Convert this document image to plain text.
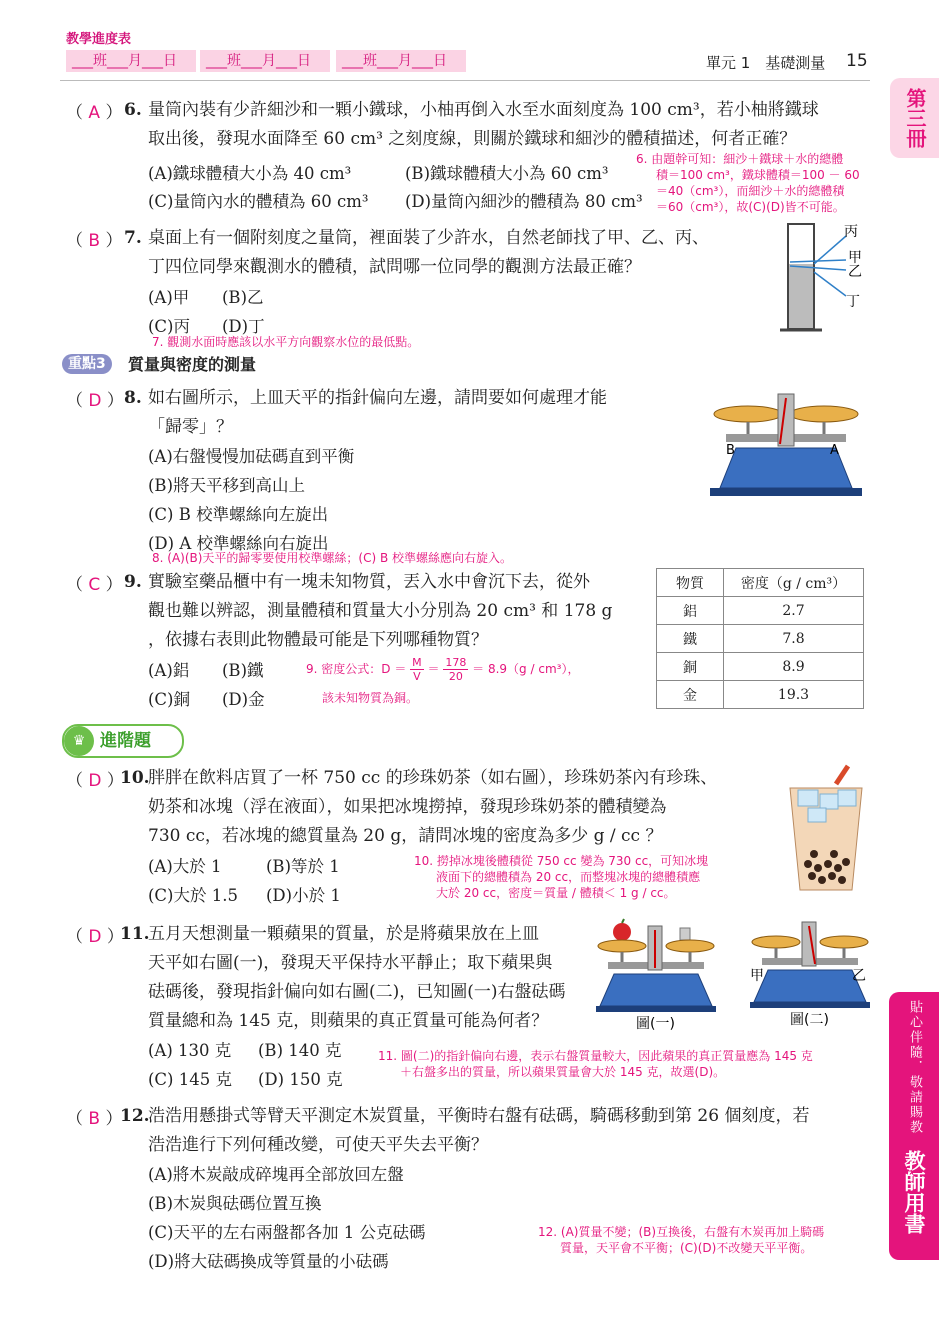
教學進度表
___班___月___日	___班___月___日	___班___月___日	單元 1　基礎測量 15
第三冊
貼心伴隨．敬請賜教
教師用書
（ A ） 6. 量筒內裝有少許細沙和一顆小鐵球，小柚再倒入水至水面刻度為 100 cm³，若小柚將鐵球
取出後，發現水面降至 60 cm³ 之刻度線，則關於鐵球和細沙的體積描述，何者正確？
(A)鐵球體積大小為 40 cm³	(B)鐵球體積大小為 60 cm³
(C)量筒內水的體積為 60 cm³ (D)量筒內細沙的體積為 80 cm³
6. 由題幹可知：細沙＋鐵球＋水的總體
積＝100 cm³，鐵球體積＝100 － 60
＝40（cm³），而細沙＋水的總體積
＝60（cm³），故(C)(D)皆不可能。
（ B ） 7. 桌面上有一個附刻度之量筒，裡面裝了少許水，自然老師找了甲、乙、丙、
丁四位同學來觀測水的體積，試問哪一位同學的觀測方法最正確？
(A)甲 (B)乙
(C)丙 (D)丁
7. 觀測水面時應該以水平方向觀察水位的最低點。
丙
甲
乙
丁
重點3	質量與密度的測量
（ D ） 8. 如右圖所示，上皿天平的指針偏向左邊，請問要如何處理才能
「歸零」？
(A)右盤慢慢加砝碼直到平衡
(B)將天平移到高山上
(C) B 校準螺絲向左旋出
(D) A 校準螺絲向右旋出
8. (A)(B)天平的歸零要使用校準螺絲；(C) B 校準螺絲應向右旋入。
B	A
（ C ） 9. 實驗室藥品櫃中有一塊未知物質，丟入水中會沉下去，從外
觀也難以辨認，測量體積和質量大小分別為 20 cm³ 和 178 g
，依據右表則此物體最可能是下列哪種物質？
(A)鋁 (B)鐵
(C)銅 (D)金
9. 密度公式：$D = \frac{M}{V} = \frac{178}{20} = 8.9(g / cm^3)$，
該未知物質為銅。
物質	密度（g / cm³）
鋁	2.7
鐵	7.8
銅	8.9
金	19.3
♛ 進階題
（ D ）
10.
胖胖在飲料店買了一杯 750 cc 的珍珠奶茶（如右圖），珍珠奶茶內有珍珠、
奶茶和冰塊（浮在液面），如果把冰塊撈掉，發現珍珠奶茶的體積變為
730 cc，若冰塊的總質量為 20 g，請問冰塊的密度為多少 g / cc ？
(A)大於 1	(B)等於 1
(C)大於 1.5 (D)小於 1
10. 撈掉冰塊後體積從 750 cc 變為 730 cc，可知冰塊
液面下的總體積為 20 cc，而整塊冰塊的總體積應
大於 20 cc，密度＝質量 / 體積＜ 1 g / cc。
（ D ）
11.
五月天想測量一顆蘋果的質量，於是將蘋果放在上皿
天平如右圖(一)，發現天平保持水平靜止；取下蘋果與
砝碼後，發現指針偏向如右圖(二)，已知圖(一)右盤砝碼
質量總和為 145 克，則蘋果的真正質量可能為何者？
(A) 130 克 (B) 140 克
(C) 145 克 (D) 150 克
11. 圖(二)的指針偏向右邊，表示右盤質量較大，因此蘋果的真正質量應為 145 克
＋右盤多出的質量，所以蘋果質量會大於 145 克，故選(D)。
圖(一)
甲	乙
圖(二)
（ B ）
12.
浩浩用懸掛式等臂天平測定木炭質量，平衡時右盤有砝碼，騎碼移動到第 26 個刻度，若
浩浩進行下列何種改變，可使天平失去平衡？
(A)將木炭敲成碎塊再全部放回左盤
(B)木炭與砝碼位置互換
(C)天平的左右兩盤都各加 1 公克砝碼
(D)將大砝碼換成等質量的小砝碼
12. (A)質量不變；(B)互換後，右盤有木炭再加上騎碼
質量，天平會不平衡；(C)(D)不改變天平平衡。
